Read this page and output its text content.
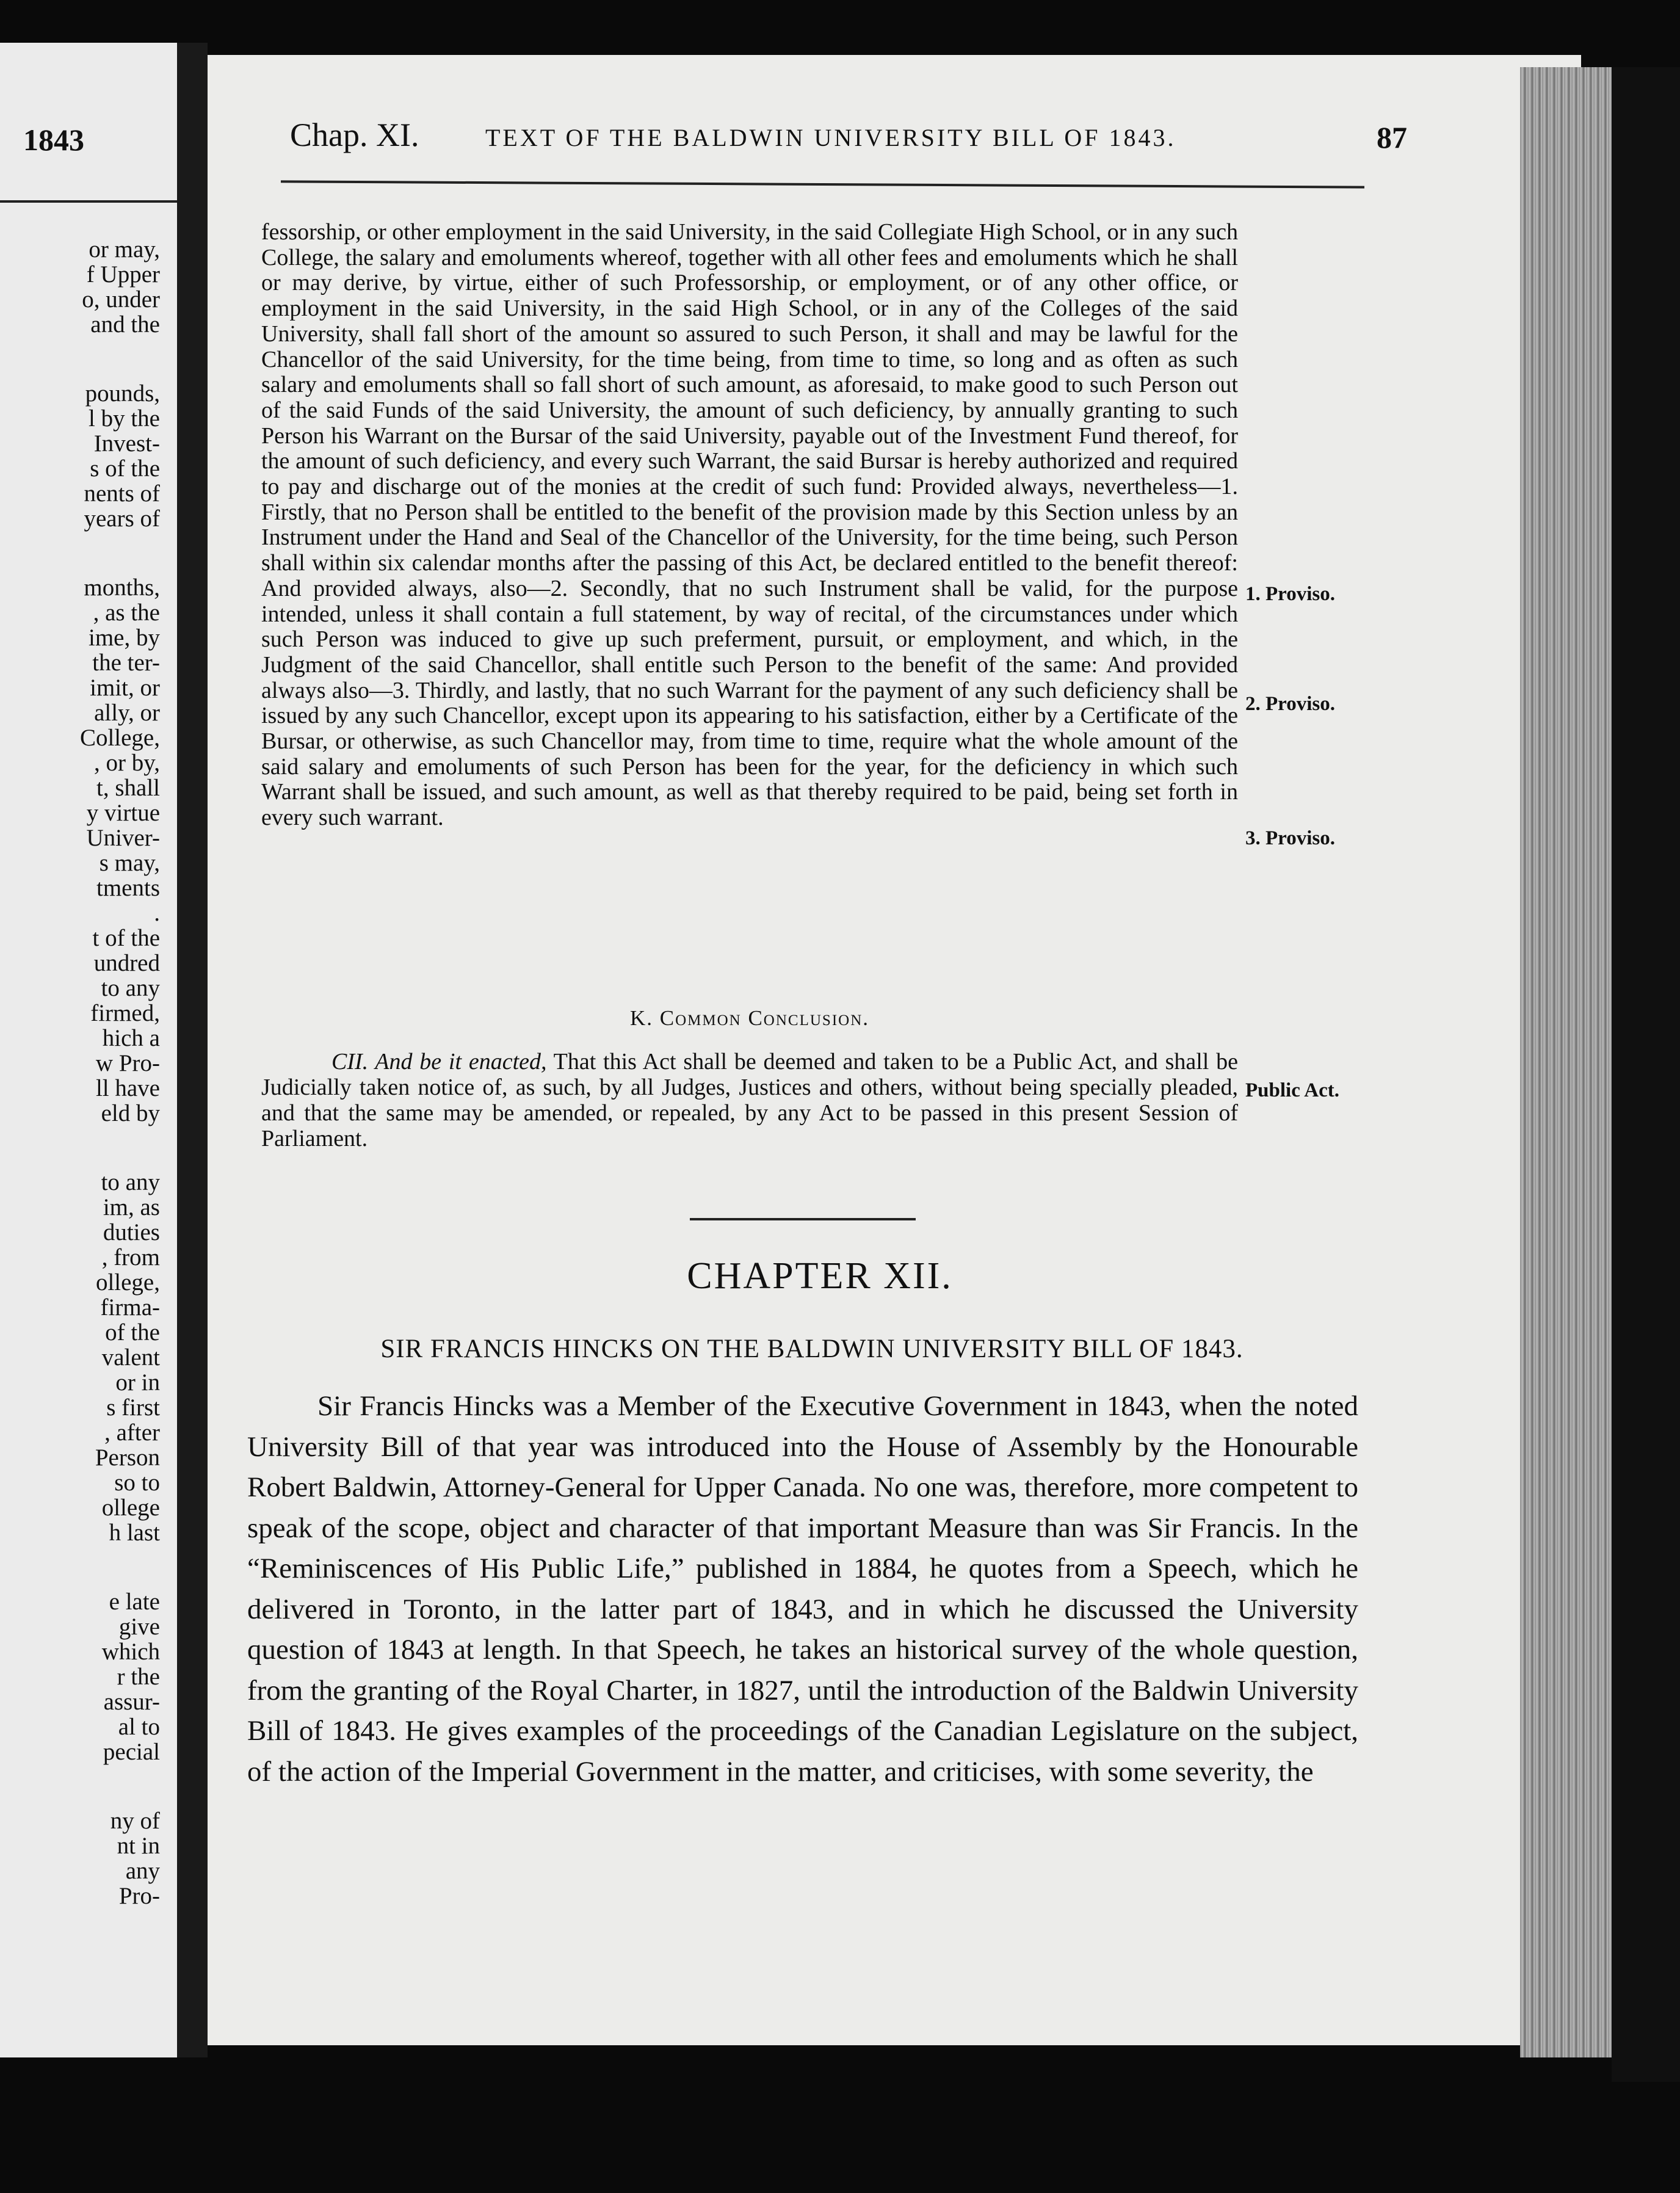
1843
or may,
f Upper
o, under
and the
pounds,
l by the
Invest-
s of the
nents of
years of
months,
, as the
ime, by
the ter-
imit, or
ally, or
College,
, or by,
t, shall
y virtue
Univer-
s may,
tments
.
t of the
undred
to any
firmed,
hich a
w Pro-
ll have
eld by
to any
im, as
duties
, from
ollege,
firma-
of the
valent
or in
s first
, after
Person
so to
ollege
h last
e late
give
which
r the
assur-
al to
pecial
ny of
nt in
any
Pro-
Chap. XI.	TEXT OF THE BALDWIN UNIVERSITY BILL OF 1843.	87

fessorship, or other employment in the said University, in the said Collegiate High School, or in any such College, the salary and emoluments whereof, together with all other fees and emoluments which he shall or may derive, by virtue, either of such Professorship, or employment, or of any other office, or employment in the said University, in the said High School, or in any of the Colleges of the said University, shall fall short of the amount so assured to such Person, it shall and may be lawful for the Chancellor of the said University, for the time being, from time to time, so long and as often as such salary and emoluments shall so fall short of such amount, as aforesaid, to make good to such Person out of the said Funds of the said University, the amount of such deficiency, by annually granting to such Person his Warrant on the Bursar of the said University, payable out of the Investment Fund thereof, for the amount of such deficiency, and every such Warrant, the said Bursar is hereby authorized and required to pay and discharge out of the monies at the credit of such fund: Provided always, nevertheless—1. Firstly, that no Person shall be entitled to the benefit of the provision made by this Section unless by an Instrument under the Hand and Seal of the Chancellor of the University, for the time being, such Person shall within six calendar months after the passing of this Act, be declared entitled to the benefit thereof: And provided always, also—2. Secondly, that no such Instrument shall be valid, for the purpose intended, unless it shall contain a full statement, by way of recital, of the circumstances under which such Person was induced to give up such preferment, pursuit, or employment, and which, in the Judgment of the said Chancellor, shall entitle such Person to the benefit of the same: And provided always also—3. Thirdly, and lastly, that no such Warrant for the payment of any such deficiency shall be issued by any such Chancellor, except upon its appearing to his satisfaction, either by a Certificate of the Bursar, or otherwise, as such Chancellor may, from time to time, require what the whole amount of the said salary and emoluments of such Person has been for the year, for the deficiency in which such Warrant shall be issued, and such amount, as well as that thereby required to be paid, being set forth in every such warrant.

1. Proviso.
2. Proviso.
3. Proviso.
Public Act.
K. Common Conclusion.

CII. And be it enacted, That this Act shall be deemed and taken to be a Public Act, and shall be Judicially taken notice of, as such, by all Judges, Justices and others, without being specially pleaded, and that the same may be amended, or repealed, by any Act to be passed in this present Session of Parliament.

CHAPTER XII.
SIR FRANCIS HINCKS ON THE BALDWIN UNIVERSITY BILL OF 1843.

Sir Francis Hincks was a Member of the Executive Government in 1843, when the noted University Bill of that year was introduced into the House of Assembly by the Honourable Robert Baldwin, Attorney-General for Upper Canada. No one was, therefore, more competent to speak of the scope, object and character of that important Measure than was Sir Francis. In the “Reminiscences of His Public Life,” published in 1884, he quotes from a Speech, which he delivered in Toronto, in the latter part of 1843, and in which he discussed the University question of 1843 at length. In that Speech, he takes an historical survey of the whole question, from the granting of the Royal Charter, in 1827, until the introduction of the Baldwin University Bill of 1843. He gives examples of the proceedings of the Canadian Legislature on the subject, of the action of the Imperial Government in the matter, and criticises, with some severity, the
